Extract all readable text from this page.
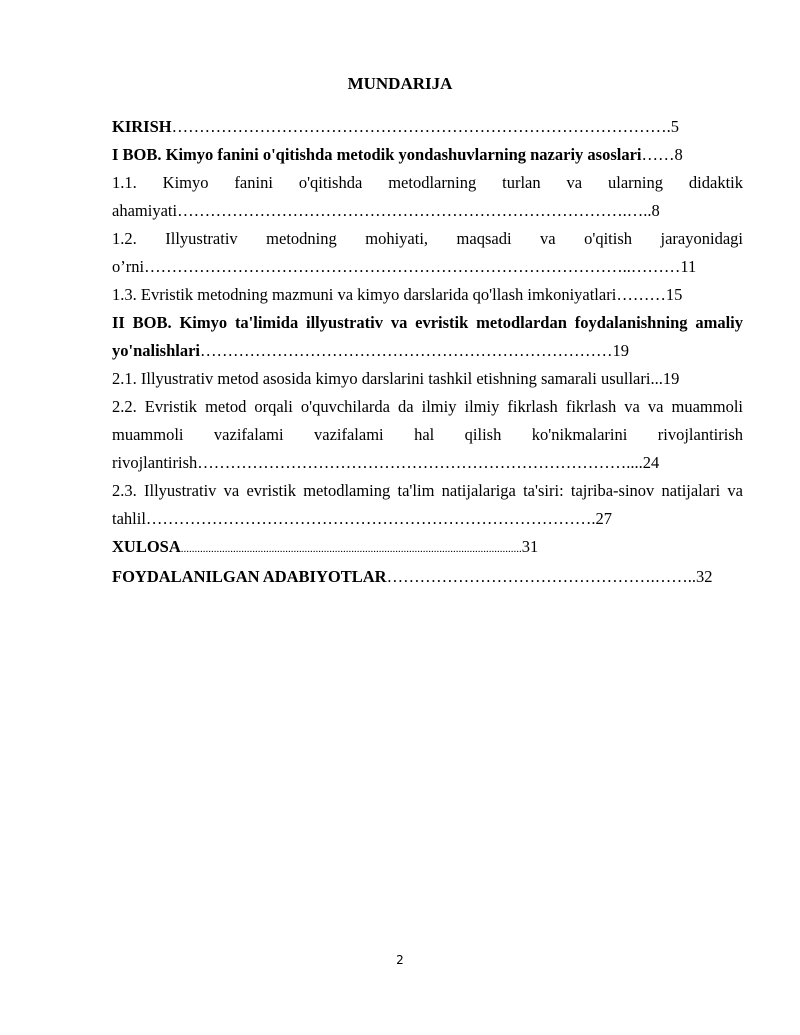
MUNDARIJA

KIRISH……………………………………………………………………………….5

I BOB. Kimyo fanini o'qitishda metodik yondashuvlarning nazariy asoslari……8

1.1. Kimyo fanini o'qitishda metodlarning turlan va ularning didaktik ahamiyati……………………………………………………………………….…..8

1.2. Illyustrativ metodning mohiyati, maqsadi va o'qitish jarayonidagi o’rni……………………………………………………………………………..………11

1.3. Evristik metodning mazmuni va kimyo darslarida qo'llash imkoniyatlari………15

II BOB. Kimyo ta'limida illyustrativ va evristik metodlardan foydalanishning amaliy yo'nalishlari…………………………………………………………………19

2.1. Illyustrativ metod asosida kimyo darslarini tashkil etishning samarali usullari...19

2.2. Evristik metod orqali o'quvchilarda da ilmiy ilmiy fikrlash fikrlash va va muammoli muammoli vazifalami vazifalami hal qilish ko'nikmalarini rivojlantirish rivojlantirish……………………………………………………………………....24

2.3. Illyustrativ va evristik metodlaming ta'lim natijalariga ta'siri: tajriba-sinov natijalari va tahlil……………………………………………………………………….27

XULOSA............................................................................................................................31

FOYDALANILGAN ADABIYOTLAR………………………………………….……..32

2
